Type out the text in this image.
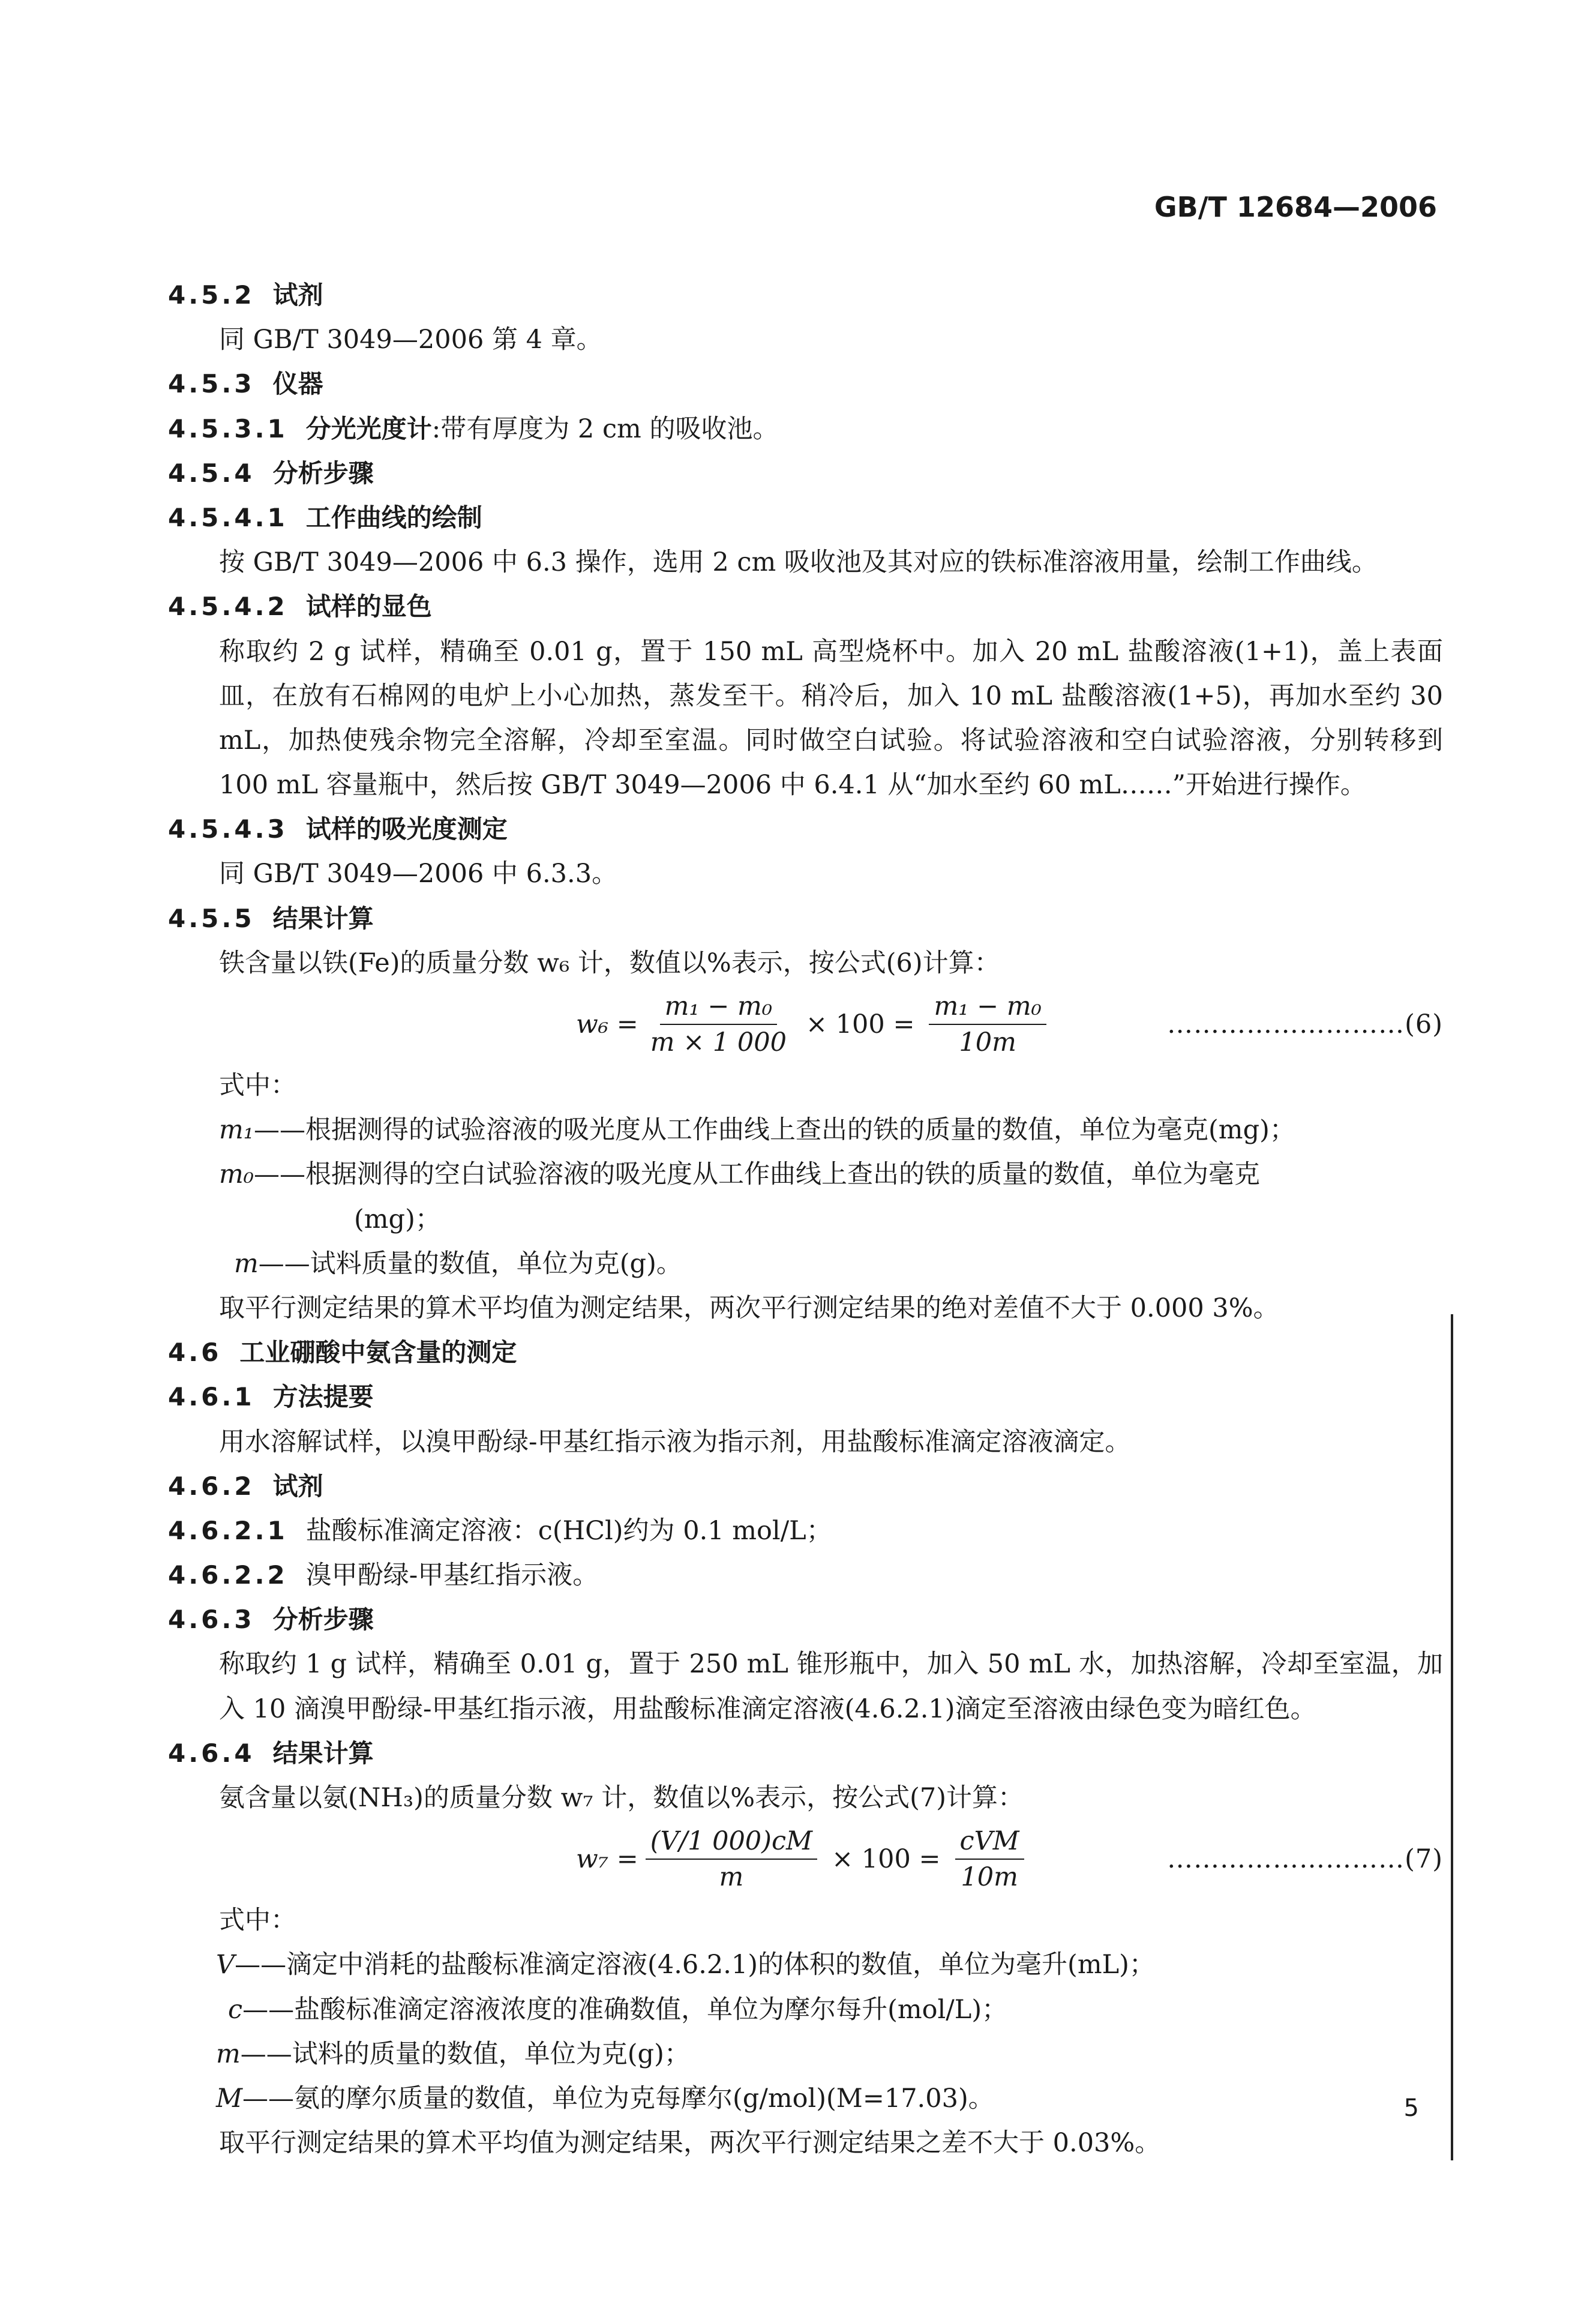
GB/T 12684—2006
4.5.2 试剂
同 GB/T 3049—2006 第 4 章。
4.5.3 仪器
4.5.3.1 分光光度计:带有厚度为 2 cm 的吸收池。
4.5.4 分析步骤
4.5.4.1 工作曲线的绘制
按 GB/T 3049—2006 中 6.3 操作，选用 2 cm 吸收池及其对应的铁标准溶液用量，绘制工作曲线。
4.5.4.2 试样的显色
称取约 2 g 试样，精确至 0.01 g，置于 150 mL 高型烧杯中。加入 20 mL 盐酸溶液(1+1)，盖上表面皿，在放有石棉网的电炉上小心加热，蒸发至干。稍冷后，加入 10 mL 盐酸溶液(1+5)，再加水至约 30 mL，加热使残余物完全溶解，冷却至室温。同时做空白试验。将试验溶液和空白试验溶液，分别转移到 100 mL 容量瓶中，然后按 GB/T 3049—2006 中 6.4.1 从“加水至约 60 mL……”开始进行操作。
4.5.4.3 试样的吸光度测定
同 GB/T 3049—2006 中 6.3.3。
4.5.5 结果计算
铁含量以铁(Fe)的质量分数 w₆ 计，数值以%表示，按公式(6)计算：
$w_6 = \frac{\text{m₁ − m₀}}{m \times 1 000} \times 100 = \frac{\text{m₁ − m₀}}{10m}$	………………………(6)
式中：
m₁——根据测得的试验溶液的吸光度从工作曲线上查出的铁的质量的数值，单位为毫克(mg)；
m₀——根据测得的空白试验溶液的吸光度从工作曲线上查出的铁的质量的数值，单位为毫克
(mg)；
m——试料质量的数值，单位为克(g)。
取平行测定结果的算术平均值为测定结果，两次平行测定结果的绝对差值不大于 0.000 3%。
4.6 工业硼酸中氨含量的测定
4.6.1 方法提要
用水溶解试样，以溴甲酚绿-甲基红指示液为指示剂，用盐酸标准滴定溶液滴定。
4.6.2 试剂
4.6.2.1 盐酸标准滴定溶液：c(HCl)约为 0.1 mol/L；
4.6.2.2 溴甲酚绿-甲基红指示液。
4.6.3 分析步骤
称取约 1 g 试样，精确至 0.01 g，置于 250 mL 锥形瓶中，加入 50 mL 水，加热溶解，冷却至室温，加入 10 滴溴甲酚绿-甲基红指示液，用盐酸标准滴定溶液(4.6.2.1)滴定至溶液由绿色变为暗红色。
4.6.4 结果计算
氨含量以氨(NH₃)的质量分数 w₇ 计，数值以%表示，按公式(7)计算：
$w_7 = \frac{(V/1 000)cM}{m} \times 100 = \frac{\text{cVM}}{10m}$	………………………(7)
式中：
V——滴定中消耗的盐酸标准滴定溶液(4.6.2.1)的体积的数值，单位为毫升(mL)；
c——盐酸标准滴定溶液浓度的准确数值，单位为摩尔每升(mol/L)；
m——试料的质量的数值，单位为克(g)；
M——氨的摩尔质量的数值，单位为克每摩尔(g/mol)(M=17.03)。
取平行测定结果的算术平均值为测定结果，两次平行测定结果之差不大于 0.03%。
5
